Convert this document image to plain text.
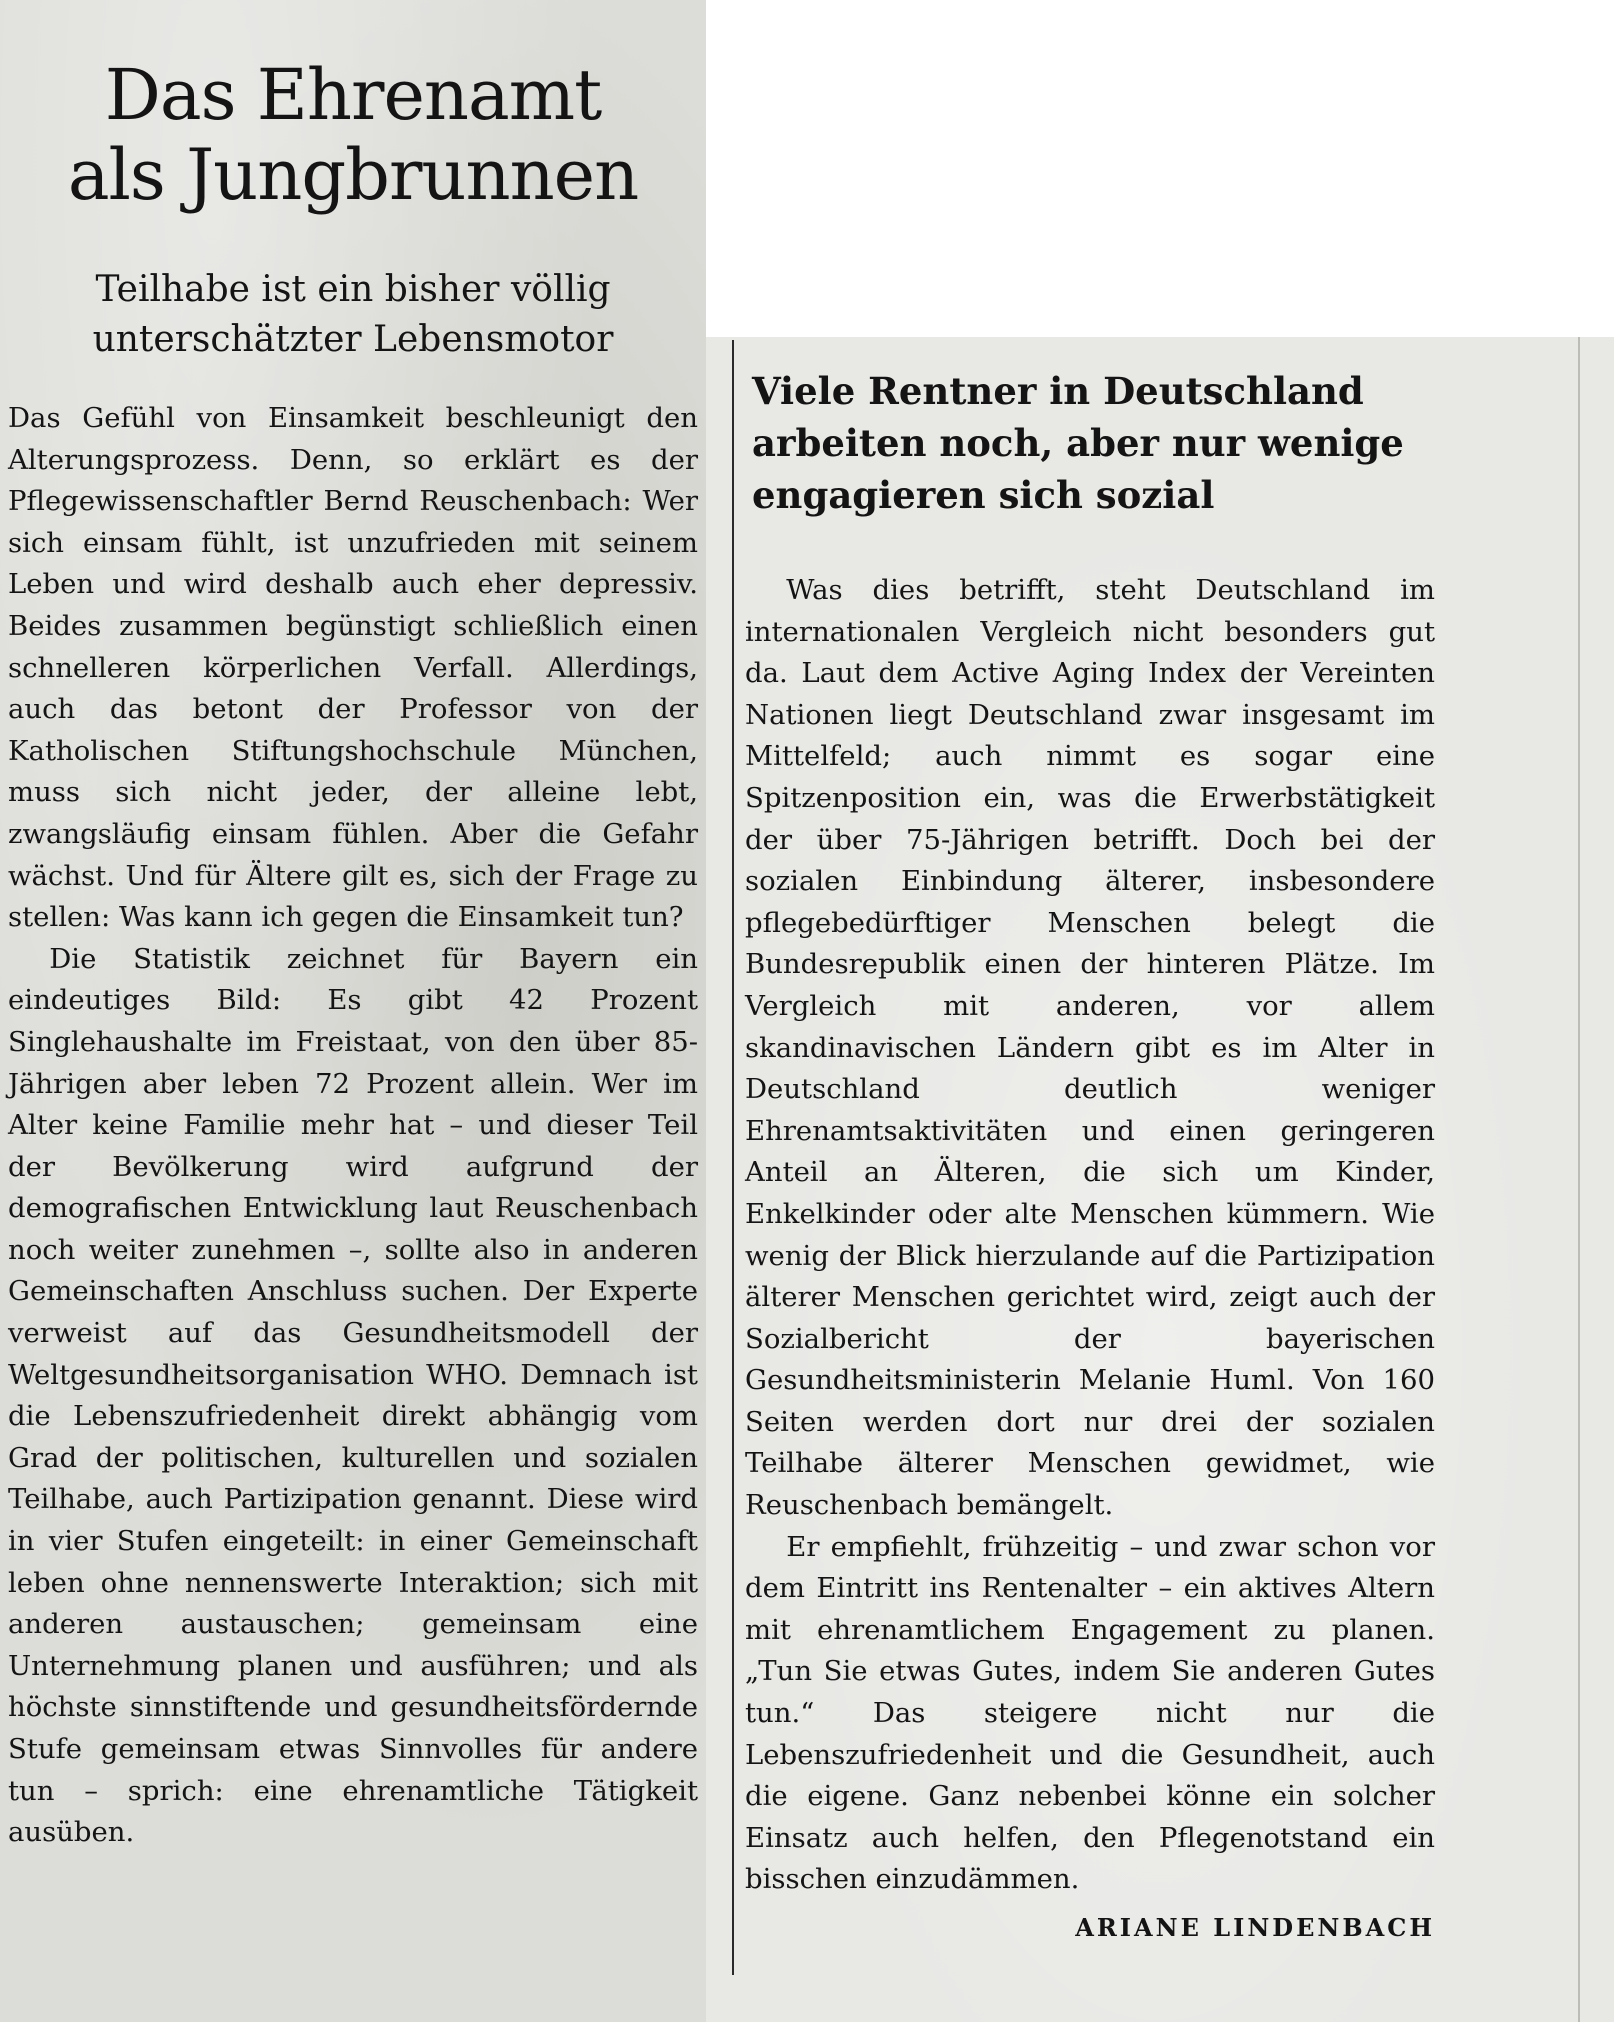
Das Ehrenamt
als Jungbrunnen
Teilhabe ist ein bisher völlig
unterschätzter Lebensmotor

Das Gefühl von Einsamkeit beschleunigt den Alterungsprozess. Denn, so erklärt es der Pflegewissenschaftler Bernd Reuschenbach: Wer sich einsam fühlt, ist unzufrieden mit seinem Leben und wird deshalb auch eher depressiv. Beides zusammen begünstigt schließlich einen schnelleren körperlichen Verfall. Allerdings, auch das betont der Professor von der Katholischen Stiftungshochschule München, muss sich nicht jeder, der alleine lebt, zwangsläufig einsam fühlen. Aber die Gefahr wächst. Und für Ältere gilt es, sich der Frage zu stellen: Was kann ich gegen die Einsamkeit tun?

Die Statistik zeichnet für Bayern ein eindeutiges Bild: Es gibt 42 Prozent Singlehaushalte im Freistaat, von den über 85-Jährigen aber leben 72 Prozent allein. Wer im Alter keine Familie mehr hat – und dieser Teil der Bevölkerung wird aufgrund der demografischen Entwicklung laut Reuschenbach noch weiter zunehmen –, sollte also in anderen Gemeinschaften Anschluss suchen. Der Experte verweist auf das Gesundheitsmodell der Weltgesundheitsorganisation WHO. Demnach ist die Lebenszufriedenheit direkt abhängig vom Grad der politischen, kulturellen und sozialen Teilhabe, auch Partizipation genannt. Diese wird in vier Stufen eingeteilt: in einer Gemeinschaft leben ohne nennenswerte Interaktion; sich mit anderen austauschen; gemeinsam eine Unternehmung planen und ausführen; und als höchste sinnstiftende und gesundheitsfördernde Stufe gemeinsam etwas Sinnvolles für andere tun – sprich: eine ehrenamtliche Tätigkeit ausüben.

Viele Rentner in Deutschland
arbeiten noch, aber nur wenige
engagieren sich sozial

Was dies betrifft, steht Deutschland im internationalen Vergleich nicht besonders gut da. Laut dem Active Aging Index der Vereinten Nationen liegt Deutschland zwar insgesamt im Mittelfeld; auch nimmt es sogar eine Spitzenposition ein, was die Erwerbstätigkeit der über 75-Jährigen betrifft. Doch bei der sozialen Einbindung älterer, insbesondere pflegebedürftiger Menschen belegt die Bundesrepublik einen der hinteren Plätze. Im Vergleich mit anderen, vor allem skandinavischen Ländern gibt es im Alter in Deutschland deutlich weniger Ehrenamtsaktivitäten und einen geringeren Anteil an Älteren, die sich um Kinder, Enkelkinder oder alte Menschen kümmern. Wie wenig der Blick hierzulande auf die Partizipation älterer Menschen gerichtet wird, zeigt auch der Sozialbericht der bayerischen Gesundheitsministerin Melanie Huml. Von 160 Seiten werden dort nur drei der sozialen Teilhabe älterer Menschen gewidmet, wie Reuschenbach bemängelt.

Er empfiehlt, frühzeitig – und zwar schon vor dem Eintritt ins Rentenalter – ein aktives Altern mit ehrenamtlichem Engagement zu planen. „Tun Sie etwas Gutes, indem Sie anderen Gutes tun.“ Das steigere nicht nur die Lebenszufriedenheit und die Gesundheit, auch die eigene. Ganz nebenbei könne ein solcher Einsatz auch helfen, den Pflegenotstand ein bisschen einzudämmen.
ARIANE LINDENBACH
